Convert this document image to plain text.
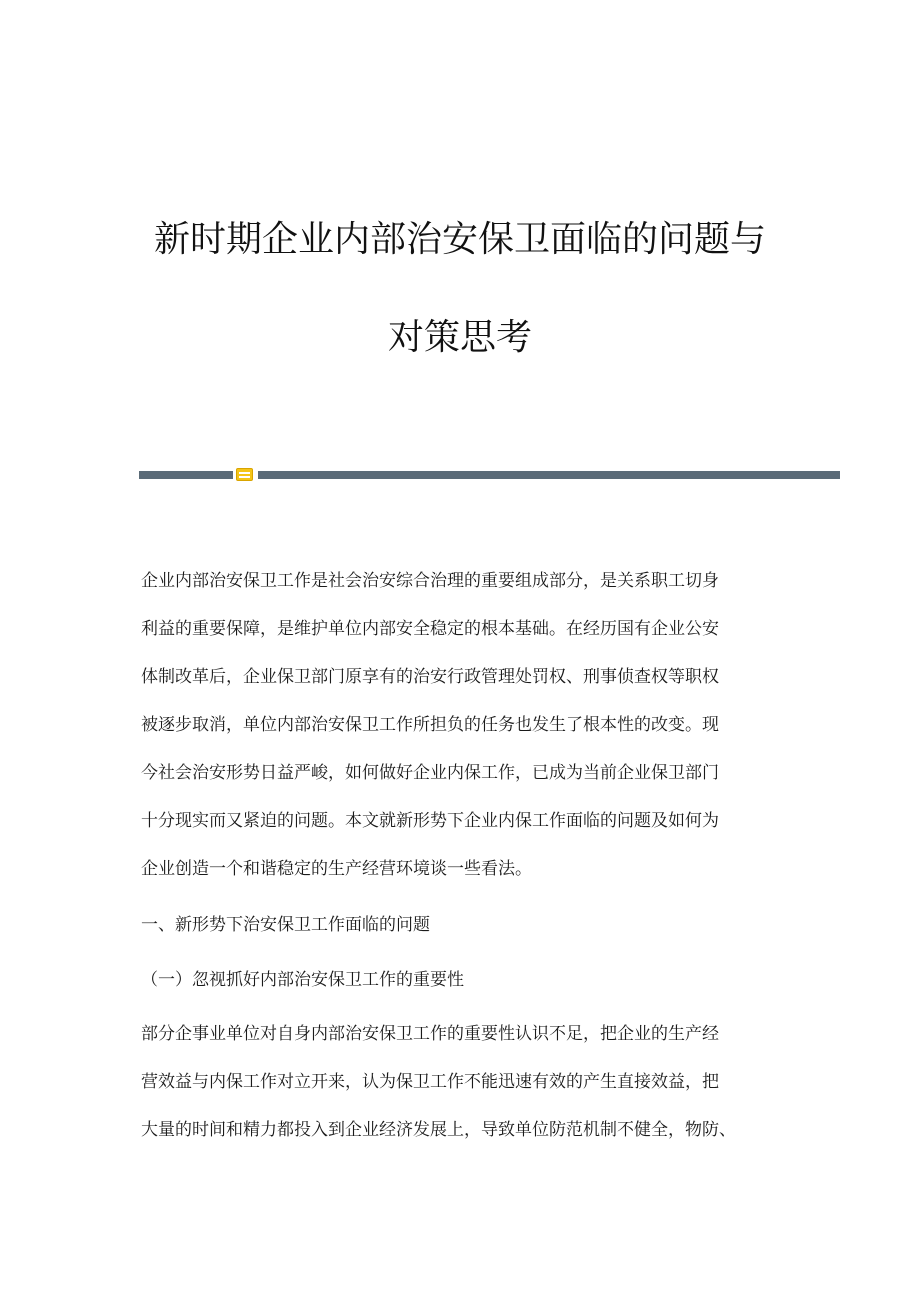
新时期企业内部治安保卫面临的问题与
对策思考
企业内部治安保卫工作是社会治安综合治理的重要组成部分，是关系职工切身
利益的重要保障，是维护单位内部安全稳定的根本基础。在经历国有企业公安
体制改革后，企业保卫部门原享有的治安行政管理处罚权、刑事侦查权等职权
被逐步取消，单位内部治安保卫工作所担负的任务也发生了根本性的改变。现
今社会治安形势日益严峻，如何做好企业内保工作，已成为当前企业保卫部门
十分现实而又紧迫的问题。本文就新形势下企业内保工作面临的问题及如何为
企业创造一个和谐稳定的生产经营环境谈一些看法。
一、新形势下治安保卫工作面临的问题
（一）忽视抓好内部治安保卫工作的重要性
部分企事业单位对自身内部治安保卫工作的重要性认识不足，把企业的生产经
营效益与内保工作对立开来，认为保卫工作不能迅速有效的产生直接效益，把
大量的时间和精力都投入到企业经济发展上，导致单位防范机制不健全，物防、
